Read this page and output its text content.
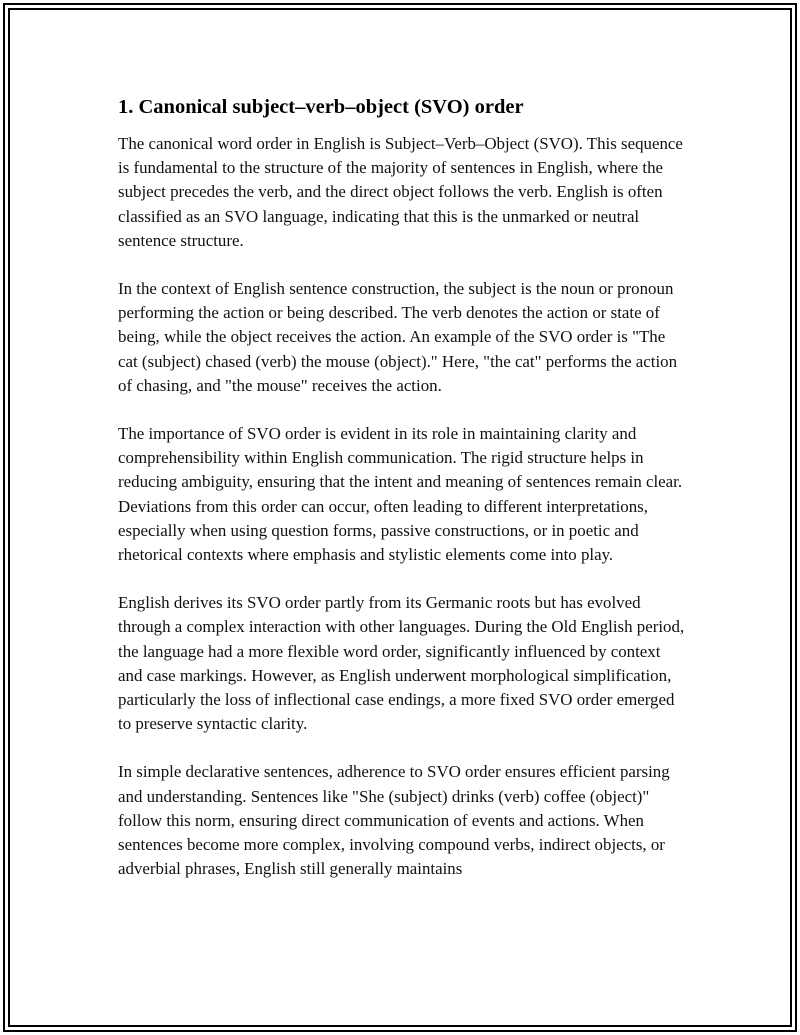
1. Canonical subject–verb–object (SVO) order

The canonical word order in English is Subject–Verb–Object (SVO). This sequence is fundamental to the structure of the majority of sentences in English, where the subject precedes the verb, and the direct object follows the verb. English is often classified as an SVO language, indicating that this is the unmarked or neutral sentence structure.

In the context of English sentence construction, the subject is the noun or pronoun performing the action or being described. The verb denotes the action or state of being, while the object receives the action. An example of the SVO order is "The cat (subject) chased (verb) the mouse (object)." Here, "the cat" performs the action of chasing, and "the mouse" receives the action.

The importance of SVO order is evident in its role in maintaining clarity and comprehensibility within English communication. The rigid structure helps in reducing ambiguity, ensuring that the intent and meaning of sentences remain clear. Deviations from this order can occur, often leading to different interpretations, especially when using question forms, passive constructions, or in poetic and rhetorical contexts where emphasis and stylistic elements come into play.

English derives its SVO order partly from its Germanic roots but has evolved through a complex interaction with other languages. During the Old English period, the language had a more flexible word order, significantly influenced by context and case markings. However, as English underwent morphological simplification, particularly the loss of inflectional case endings, a more fixed SVO order emerged to preserve syntactic clarity.

In simple declarative sentences, adherence to SVO order ensures efficient parsing and understanding. Sentences like "She (subject) drinks (verb) coffee (object)" follow this norm, ensuring direct communication of events and actions. When sentences become more complex, involving compound verbs, indirect objects, or adverbial phrases, English still generally maintains
